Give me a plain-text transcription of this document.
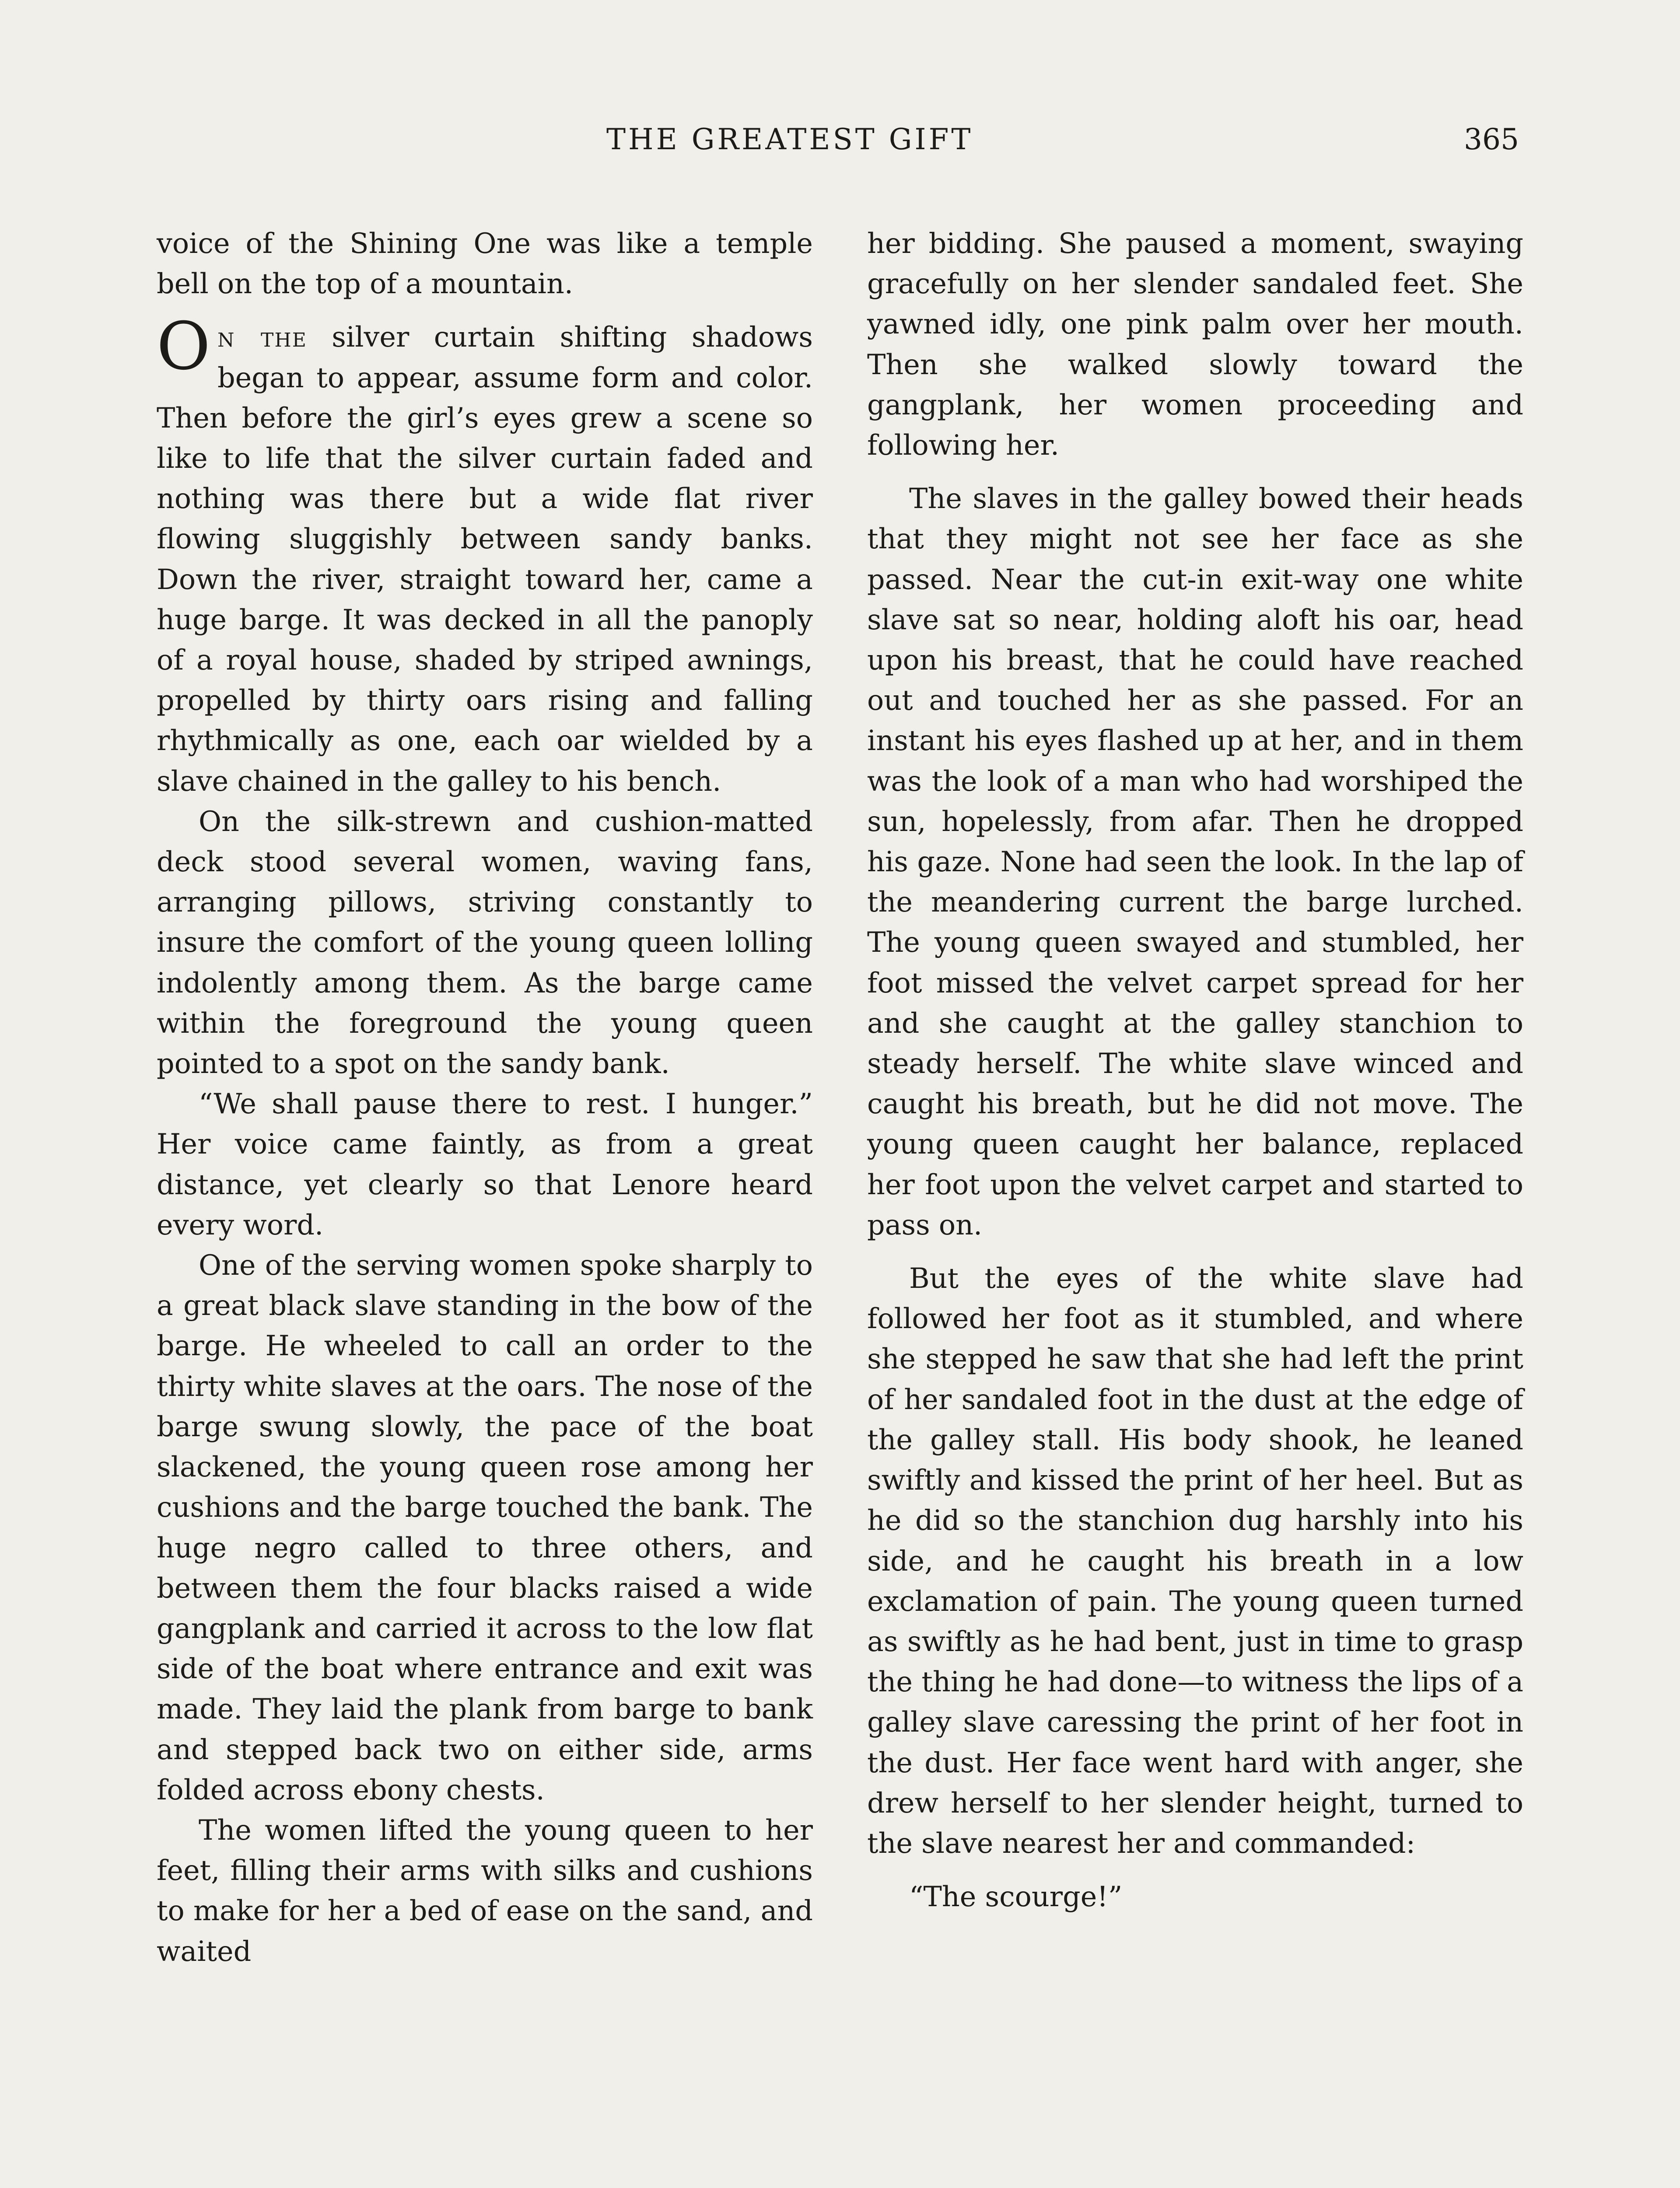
THE GREATEST GIFT	365

voice of the Shining One was like a temple bell on the top of a mountain.

On the silver curtain shifting shadows began to appear, assume form and color. Then before the girl’s eyes grew a scene so like to life that the silver curtain faded and nothing was there but a wide flat river flowing sluggishly between sandy banks. Down the river, straight toward her, came a huge barge. It was decked in all the panoply of a royal house, shaded by striped awnings, propelled by thirty oars rising and falling rhythmically as one, each oar wielded by a slave chained in the galley to his bench.

On the silk-strewn and cushion-matted deck stood several women, waving fans, arranging pillows, striving constantly to insure the comfort of the young queen lolling indolently among them. As the barge came within the foreground the young queen pointed to a spot on the sandy bank.

“We shall pause there to rest. I hunger.” Her voice came faintly, as from a great distance, yet clearly so that Lenore heard every word.

One of the serving women spoke sharply to a great black slave standing in the bow of the barge. He wheeled to call an order to the thirty white slaves at the oars. The nose of the barge swung slowly, the pace of the boat slackened, the young queen rose among her cushions and the barge touched the bank. The huge negro called to three others, and between them the four blacks raised a wide gangplank and carried it across to the low flat side of the boat where entrance and exit was made. They laid the plank from barge to bank and stepped back two on either side, arms folded across ebony chests.

The women lifted the young queen to her feet, filling their arms with silks and cushions to make for her a bed of ease on the sand, and waited

her bidding. She paused a moment, swaying gracefully on her slender sandaled feet. She yawned idly, one pink palm over her mouth. Then she walked slowly toward the gangplank, her women proceeding and following her.

The slaves in the galley bowed their heads that they might not see her face as she passed. Near the cut-in exit-way one white slave sat so near, holding aloft his oar, head upon his breast, that he could have reached out and touched her as she passed. For an instant his eyes flashed up at her, and in them was the look of a man who had worshiped the sun, hopelessly, from afar. Then he dropped his gaze. None had seen the look. In the lap of the meandering current the barge lurched. The young queen swayed and stumbled, her foot missed the velvet carpet spread for her and she caught at the galley stanchion to steady herself. The white slave winced and caught his breath, but he did not move. The young queen caught her balance, replaced her foot upon the velvet carpet and started to pass on.

But the eyes of the white slave had followed her foot as it stumbled, and where she stepped he saw that she had left the print of her sandaled foot in the dust at the edge of the galley stall. His body shook, he leaned swiftly and kissed the print of her heel. But as he did so the stanchion dug harshly into his side, and he caught his breath in a low exclamation of pain. The young queen turned as swiftly as he had bent, just in time to grasp the thing he had done—to witness the lips of a galley slave caressing the print of her foot in the dust. Her face went hard with anger, she drew herself to her slender height, turned to the slave nearest her and commanded:

“The scourge!”
